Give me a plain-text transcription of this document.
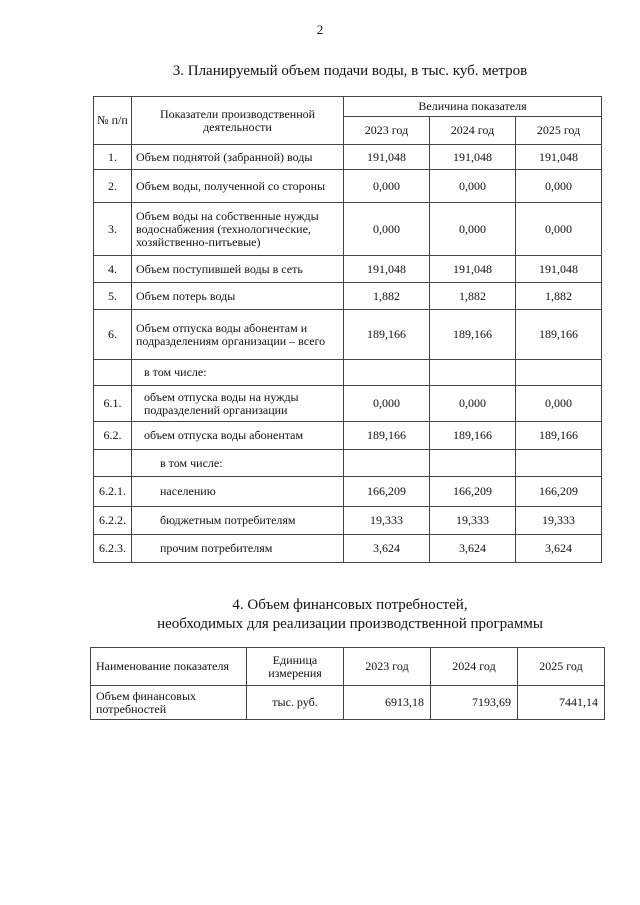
2
3. Планируемый объем подачи воды, в тыс. куб. метров
№ п/п	Показатели производственной деятельности	Величина показателя		
		2023 год	2024 год	2025 год
1.	Объем поднятой (забранной) воды	191,048	191,048	191,048
2.	Объем воды, полученной со стороны	0,000	0,000	0,000
3.	Объем воды на собственные нужды водоснабжения (технологические, хозяйственно-питьевые)	0,000	0,000	0,000
4.	Объем поступившей воды в сеть	191,048	191,048	191,048
5.	Объем потерь воды	1,882	1,882	1,882
6.	Объем отпуска воды абонентам и подразделениям организации – всего	189,166	189,166	189,166
	в том числе:			
6.1.	объем отпуска воды на нужды подразделений организации	0,000	0,000	0,000
6.2.	объем отпуска воды абонентам	189,166	189,166	189,166
	в том числе:			
6.2.1.	населению	166,209	166,209	166,209
6.2.2.	бюджетным потребителям	19,333	19,333	19,333
6.2.3.	прочим потребителям	3,624	3,624	3,624
4. Объем финансовых потребностей,
необходимых для реализации производственной программы
Наименование показателя	Единица измерения	2023 год	2024 год	2025 год
Объем финансовых потребностей	тыс. руб.	6913,18	7193,69	7441,14
